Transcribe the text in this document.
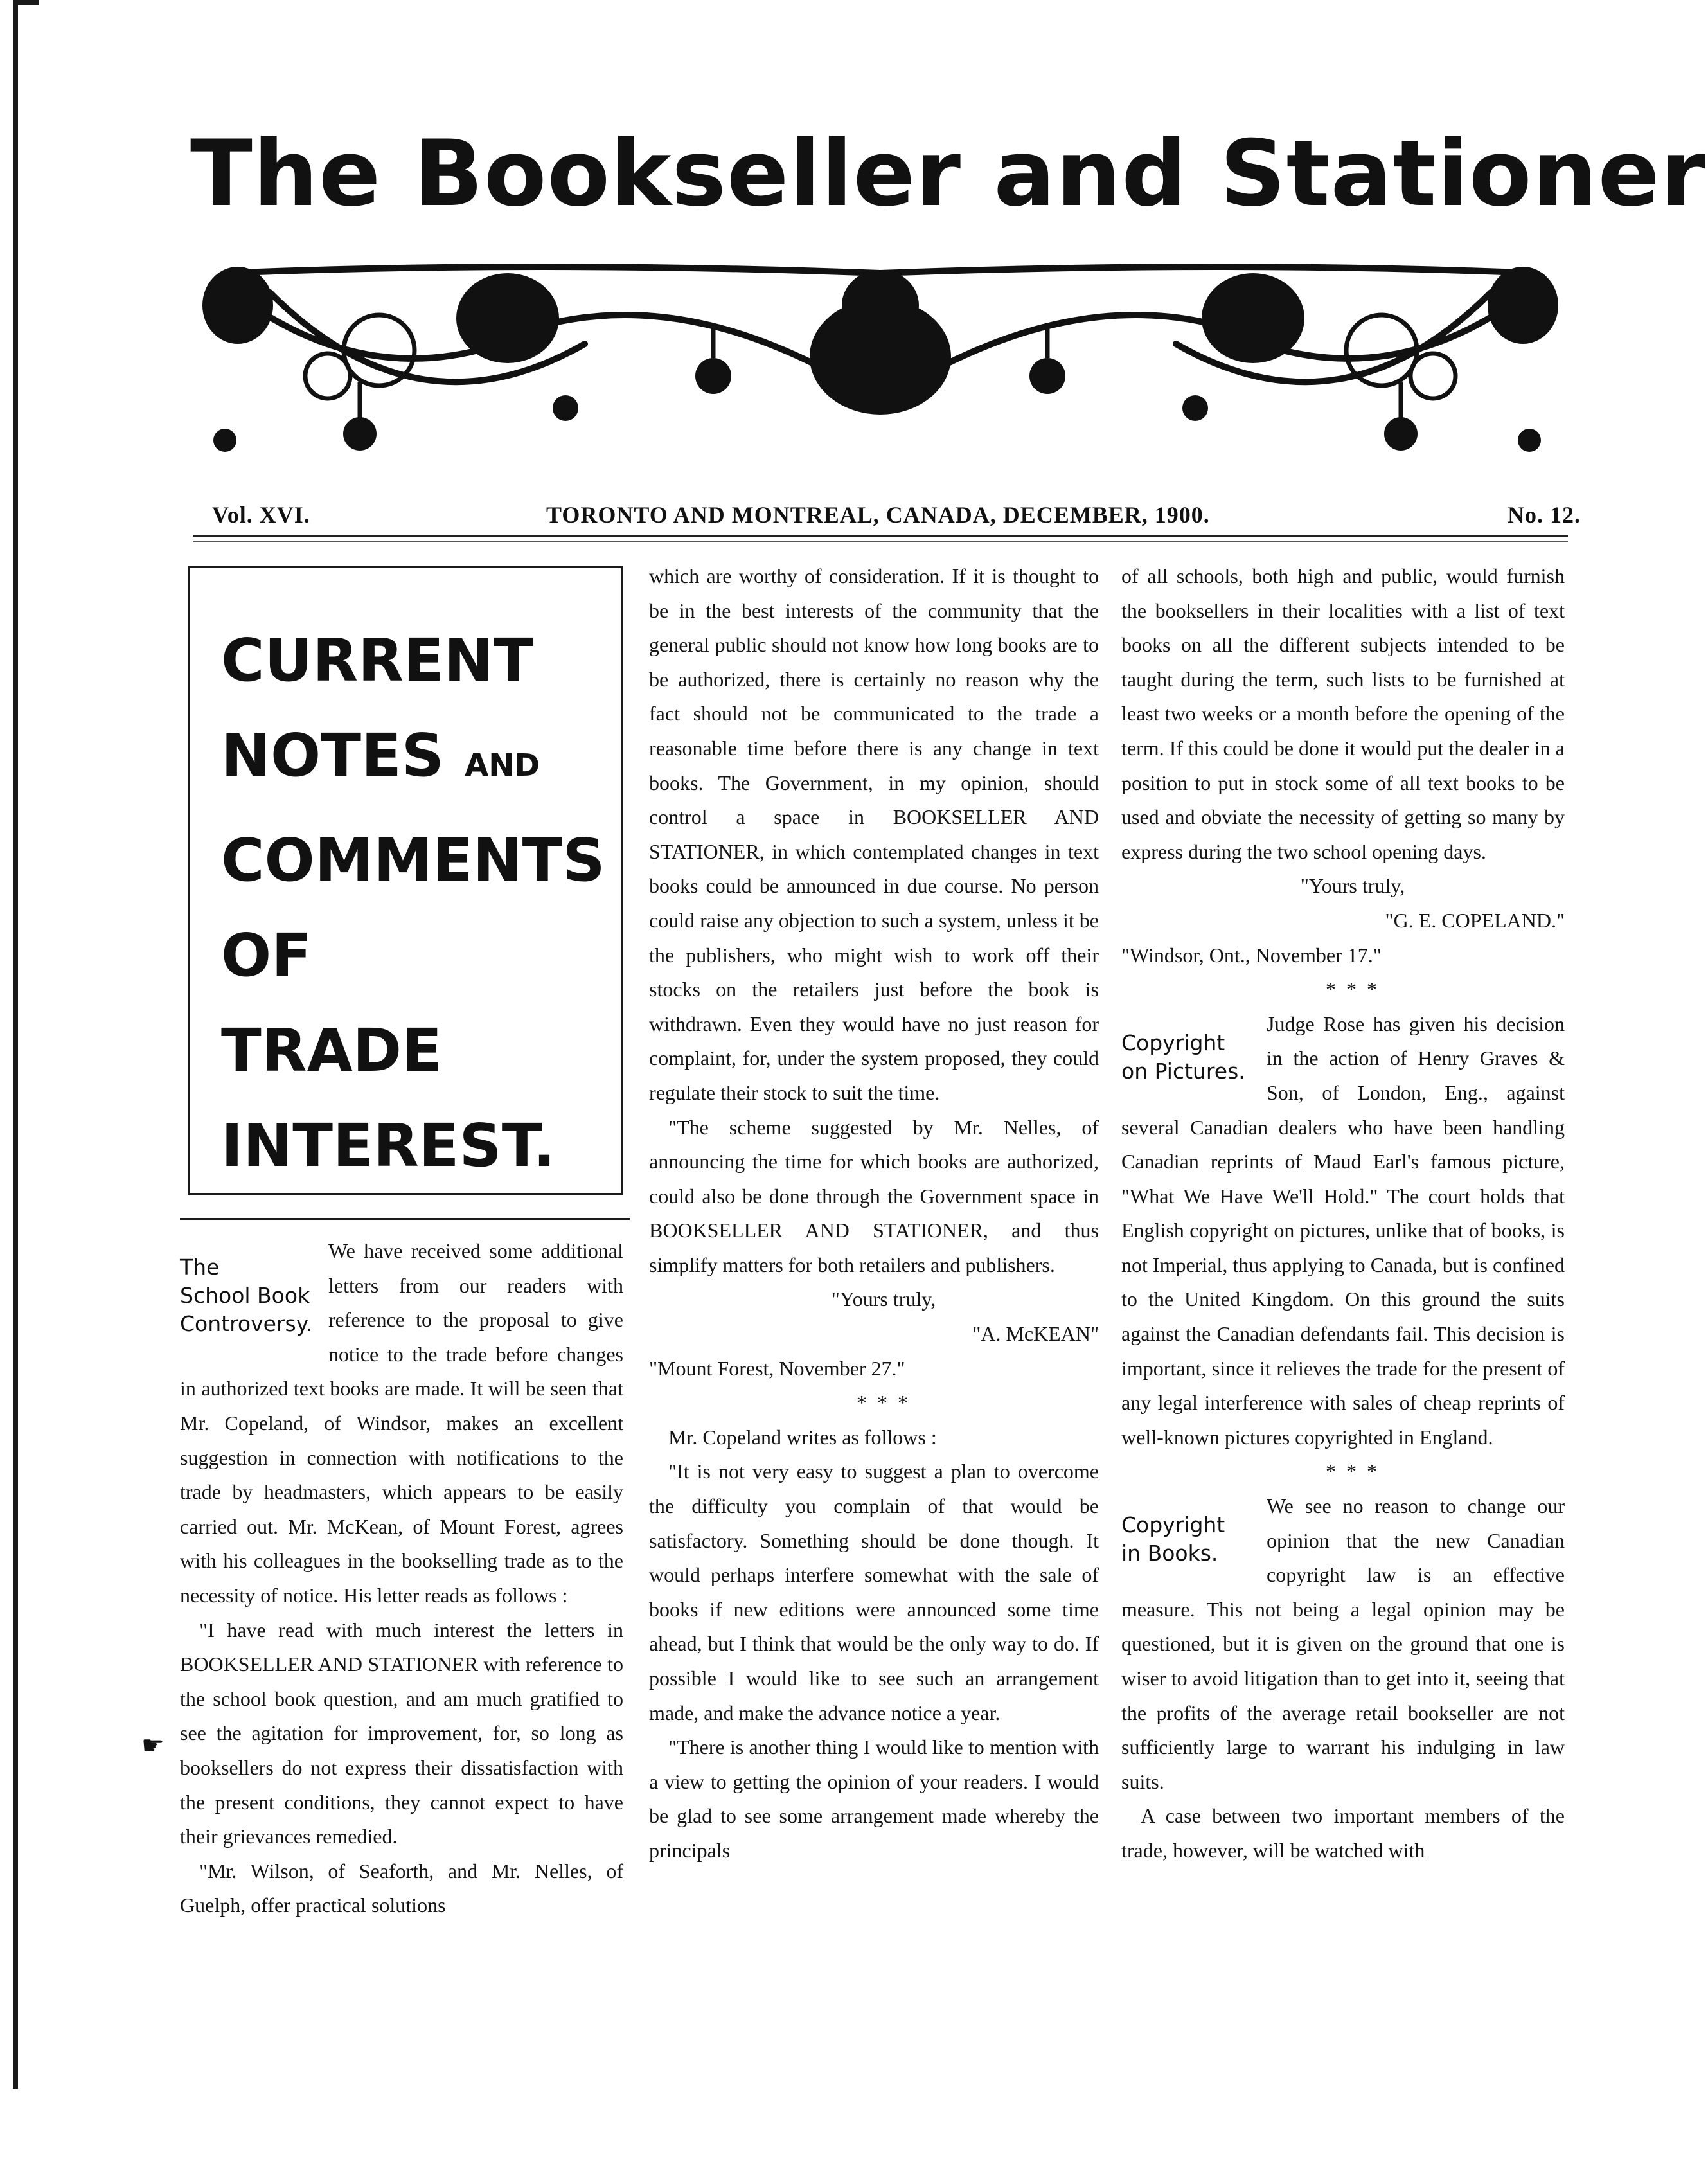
The Bookseller and Stationer
Vol. XVI.	TORONTO AND MONTREAL, CANADA, DECEMBER, 1900.	No. 12.
CURRENT
NOTES AND
COMMENTS
OF
TRADE
INTEREST.
The
School Book
Controversy.

We have received some additional letters from our readers with reference to the proposal to give notice to the trade before changes in authorized text books are made. It will be seen that Mr. Copeland, of Windsor, makes an excellent suggestion in connection with notifications to the trade by headmasters, which appears to be easily carried out. Mr. McKean, of Mount Forest, agrees with his colleagues in the bookselling trade as to the necessity of notice. His letter reads as follows :

"I have read with much interest the letters in BOOKSELLER AND STATIONER with reference to the school book question, and am much gratified to see the agitation for improvement, for, so long as booksellers do not express their dissatisfaction with the present conditions, they cannot expect to have their grievances remedied.

"Mr. Wilson, of Seaforth, and Mr. Nelles, of Guelph, offer practical solutions

☛

which are worthy of consideration. If it is thought to be in the best interests of the community that the general public should not know how long books are to be authorized, there is certainly no reason why the fact should not be communicated to the trade a reasonable time before there is any change in text books. The Government, in my opinion, should control a space in BOOKSELLER AND STATIONER, in which contemplated changes in text books could be announced in due course. No person could raise any objection to such a system, unless it be the publishers, who might wish to work off their stocks on the retailers just before the book is withdrawn. Even they would have no just reason for complaint, for, under the system proposed, they could regulate their stock to suit the time.

"The scheme suggested by Mr. Nelles, of announcing the time for which books are authorized, could also be done through the Government space in BOOKSELLER AND STATIONER, and thus simplify matters for both retailers and publishers.

"Yours truly,

"A. McKEAN"

"Mount Forest, November 27."

* * *

Mr. Copeland writes as follows :

"It is not very easy to suggest a plan to overcome the difficulty you complain of that would be satisfactory. Something should be done though. It would perhaps interfere somewhat with the sale of books if new editions were announced some time ahead, but I think that would be the only way to do. If possible I would like to see such an arrangement made, and make the advance notice a year.

"There is another thing I would like to mention with a view to getting the opinion of your readers. I would be glad to see some arrangement made whereby the principals

of all schools, both high and public, would furnish the booksellers in their localities with a list of text books on all the different subjects intended to be taught during the term, such lists to be furnished at least two weeks or a month before the opening of the term. If this could be done it would put the dealer in a position to put in stock some of all text books to be used and obviate the necessity of getting so many by express during the two school opening days.

"Yours truly,

"G. E. COPELAND."

"Windsor, Ont., November 17."

* * *

Copyright
on Pictures.

Judge Rose has given his decision in the action of Henry Graves & Son, of London, Eng., against several Canadian dealers who have been handling Canadian reprints of Maud Earl's famous picture, "What We Have We'll Hold." The court holds that English copyright on pictures, unlike that of books, is not Imperial, thus applying to Canada, but is confined to the United Kingdom. On this ground the suits against the Canadian defendants fail. This decision is important, since it relieves the trade for the present of any legal interference with sales of cheap reprints of well-known pictures copyrighted in England.

* * *

Copyright
in Books.

We see no reason to change our opinion that the new Canadian copyright law is an effective measure. This not being a legal opinion may be questioned, but it is given on the ground that one is wiser to avoid litigation than to get into it, seeing that the profits of the average retail bookseller are not sufficiently large to warrant his indulging in law suits.

A case between two important members of the trade, however, will be watched with
